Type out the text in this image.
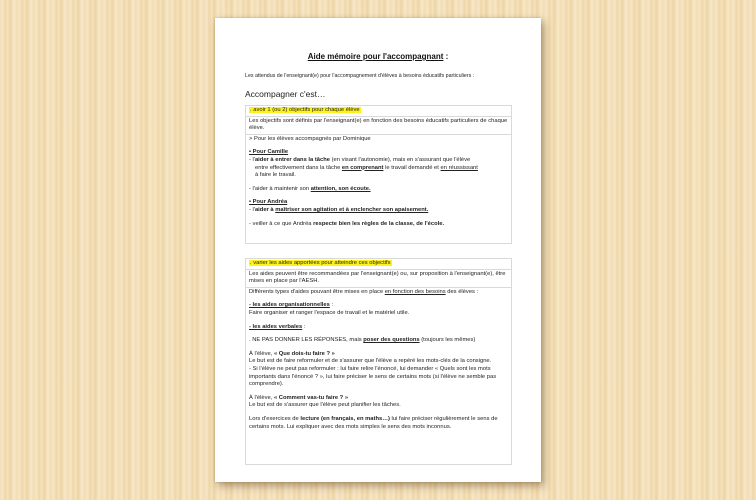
Aide mémoire pour l'accompagnant :
Les attendus de l'enseignant(e) pour l'accompagnement d'élèves à besoins éducatifs particuliers :
Accompagner c'est…
. avoir 1 (ou 2) objectifs pour chaque élève
Les objectifs sont définis par l'enseignant(e) en fonction des besoins éducatifs particuliers de chaque élève.

> Pour les élèves accompagnés par Dominique

• Pour Camille

- l'aider à entrer dans la tâche (en visant l'autonomie), mais en s'assurant que l'élève

entre effectivement dans la tâche en comprenant le travail demandé et en réussissant

à faire le travail.

- l'aider à maintenir son attention, son écoute.

• Pour Andréa

- l'aider à maîtriser son agitation et à enclencher son apaisement.

- veiller à ce que Andréa respecte bien les règles de la classe, de l'école.

. varier les aides apportées pour atteindre ces objectifs
Les aides peuvent être recommandées par l'enseignant(e) ou, sur proposition à l'enseignant(e), être mises en place par l'AESH.

Différents types d'aides pouvant être mises en place en fonction des besoins des élèves :

- les aides organisationnelles :

Faire organiser et ranger l'espace de travail et le matériel utile.

- les aides verbales :

. NE PAS DONNER LES RÉPONSES, mais poser des questions (toujours les mêmes)

À l'élève, « Que dois-tu faire ? »

Le but est de faire reformuler et de s'assurer que l'élève a repéré les mots-clés de la consigne.

- Si l'élève ne peut pas reformuler : lui faire relire l'énoncé, lui demander « Quels sont les mots importants dans l'énoncé ? », lui faire préciser le sens de certains mots (si l'élève ne semble pas comprendre).

À l'élève, « Comment vas-tu faire ? »

Le but est de s'assurer que l'élève peut planifier les tâches.

Lors d'exercices de lecture (en français, en maths…) lui faire préciser régulièrement le sens de certains mots. Lui expliquer avec des mots simples le sens des mots inconnus.
